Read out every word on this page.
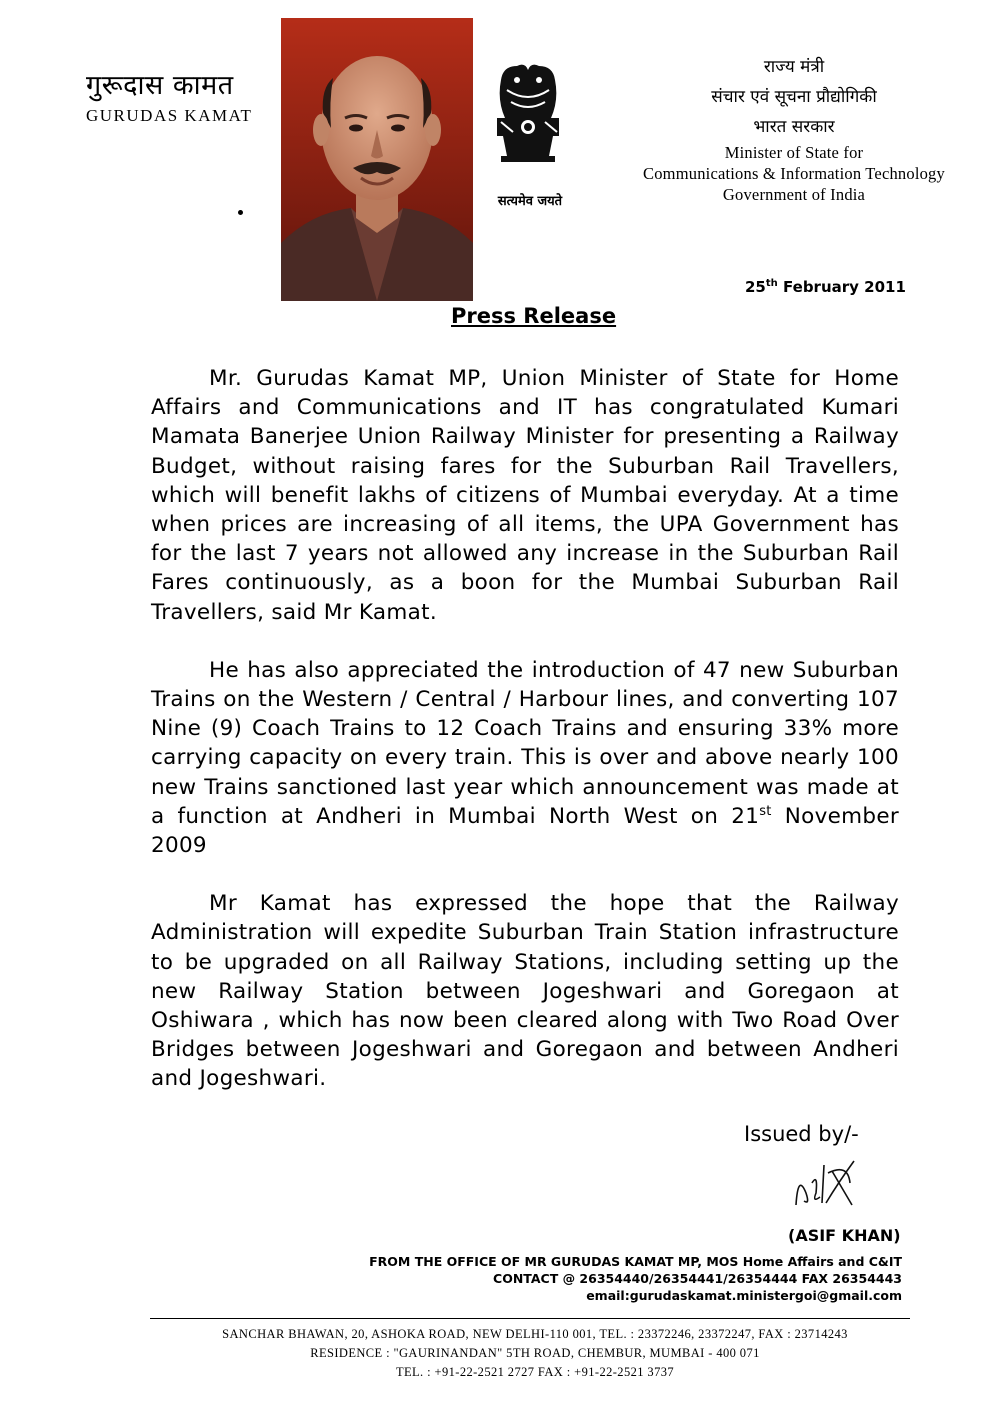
गुरूदास कामत
GURUDAS KAMAT
सत्यमेव जयते
राज्य मंत्री
संचार एवं सूचना प्रौद्योगिकी
भारत सरकार
Minister of State for
Communications & Information Technology
Government of India
25th February 2011
Press Release

Mr. Gurudas Kamat MP, Union Minister of State for Home Affairs and Communications and IT has congratulated Kumari Mamata Banerjee Union Railway Minister for presenting a Railway Budget, without raising fares for the Suburban Rail Travellers, which will benefit lakhs of citizens of Mumbai everyday. At a time when prices are increasing of all items, the UPA Government has for the last 7 years not allowed any increase in the Suburban Rail Fares continuously, as a boon for the Mumbai Suburban Rail Travellers, said Mr Kamat.

He has also appreciated the introduction of 47 new Suburban Trains on the Western / Central / Harbour lines, and converting 107 Nine (9) Coach Trains to 12 Coach Trains and ensuring 33% more carrying capacity on every train. This is over and above nearly 100 new Trains sanctioned last year which announcement was made at a function at Andheri in Mumbai North West on 21st November 2009

Mr Kamat has expressed the hope that the Railway Administration will expedite Suburban Train Station infrastructure to be upgraded on all Railway Stations, including setting up the new Railway Station between Jogeshwari and Goregaon at Oshiwara , which has now been cleared along with Two Road Over Bridges between Jogeshwari and Goregaon and between Andheri and Jogeshwari.

Issued by/-
(ASIF KHAN)
FROM THE OFFICE OF MR GURUDAS KAMAT MP, MOS Home Affairs and C&IT
CONTACT @ 26354440/26354441/26354444 FAX 26354443
email:gurudaskamat.ministergoi@gmail.com
SANCHAR BHAWAN, 20, ASHOKA ROAD, NEW DELHI-110 001, TEL. : 23372246, 23372247, FAX : 23714243
RESIDENCE : "GAURINANDAN" 5TH ROAD, CHEMBUR, MUMBAI - 400 071
TEL. : +91-22-2521 2727 FAX : +91-22-2521 3737
